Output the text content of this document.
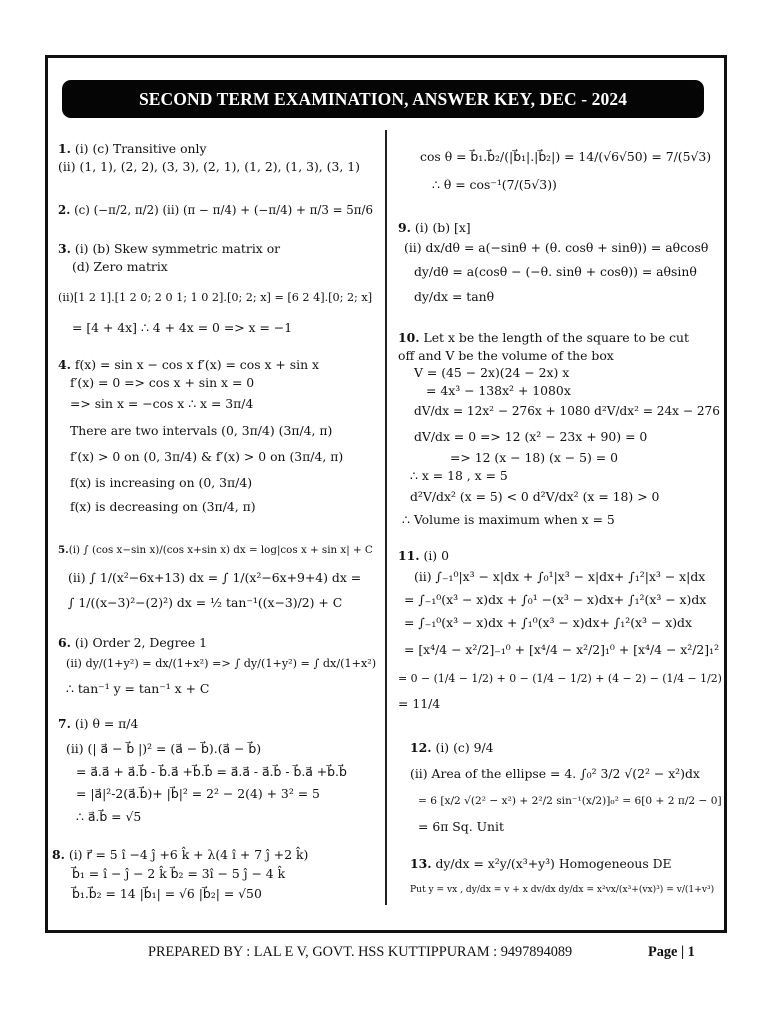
SECOND TERM EXAMINATION, ANSWER KEY, DEC - 2024
1. (i) (c) Transitive only
(ii) (1, 1), (2, 2), (3, 3), (2, 1), (1, 2), (1, 3), (3, 1)
2. (c) (−π/2, π/2) (ii) (π − π/4) + (−π/4) + π/3 = 5π/6
3. (i) (b) Skew symmetric matrix or
(d) Zero matrix
(ii)[1 2 1].[1 2 0; 2 0 1; 1 0 2].[0; 2; x] = [6 2 4].[0; 2; x]
= [4 + 4x] ∴ 4 + 4x = 0 => x = −1
4. f(x) = sin x − cos x f′(x) = cos x + sin x
f′(x) = 0 => cos x + sin x = 0
=> sin x = −cos x ∴ x = 3π/4
There are two intervals (0, 3π/4) (3π/4, π)
f′(x) > 0 on (0, 3π/4) & f′(x) > 0 on (3π/4, π)
f(x) is increasing on (0, 3π/4)
f(x) is decreasing on (3π/4, π)
5.(i) ∫ (cos x−sin x)/(cos x+sin x) dx = log|cos x + sin x| + C
(ii) ∫ 1/(x²−6x+13) dx = ∫ 1/(x²−6x+9+4) dx =
∫ 1/((x−3)²−(2)²) dx = ½ tan⁻¹((x−3)/2) + C
6. (i) Order 2, Degree 1
(ii) dy/(1+y²) = dx/(1+x²) => ∫ dy/(1+y²) = ∫ dx/(1+x²)
∴ tan⁻¹ y = tan⁻¹ x + C
7. (i) θ = π/4
(ii) (| a⃗ − b⃗ |)² = (a⃗ − b⃗).(a⃗ − b⃗)
= a⃗.a⃗ + a⃗.b⃗ - b⃗.a⃗ +b⃗.b⃗ = a⃗.a⃗ - a⃗.b⃗ - b⃗.a⃗ +b⃗.b⃗
= |a⃗|²-2(a⃗.b⃗)+ |b⃗|² = 2² − 2(4) + 3² = 5
∴ a⃗.b⃗ = √5
8. (i) r⃗ = 5 î −4 ĵ +6 k̂ + λ(4 î + 7 ĵ +2 k̂)
b⃗₁ = î − ĵ − 2 k̂ b⃗₂ = 3î − 5 ĵ − 4 k̂
b⃗₁.b⃗₂ = 14 |b⃗₁| = √6 |b⃗₂| = √50
cos θ = b⃗₁.b⃗₂/(|b⃗₁|.|b⃗₂|) = 14/(√6√50) = 7/(5√3)
∴ θ = cos⁻¹(7/(5√3))
9. (i) (b) [x]
(ii) dx/dθ = a(−sinθ + (θ. cosθ + sinθ)) = aθcosθ
dy/dθ = a(cosθ − (−θ. sinθ + cosθ)) = aθsinθ
dy/dx = tanθ
10. Let x be the length of the square to be cut
off and V be the volume of the box
V = (45 − 2x)(24 − 2x) x
= 4x³ − 138x² + 1080x
dV/dx = 12x² − 276x + 1080 d²V/dx² = 24x − 276
dV/dx = 0 => 12 (x² − 23x + 90) = 0
=> 12 (x − 18) (x − 5) = 0
∴ x = 18 , x = 5
d²V/dx² (x = 5) < 0 d²V/dx² (x = 18) > 0
∴ Volume is maximum when x = 5
11. (i) 0
(ii) ∫₋₁⁰|x³ − x|dx + ∫₀¹|x³ − x|dx+ ∫₁²|x³ − x|dx
= ∫₋₁⁰(x³ − x)dx + ∫₀¹ −(x³ − x)dx+ ∫₁²(x³ − x)dx
= ∫₋₁⁰(x³ − x)dx + ∫₁⁰(x³ − x)dx+ ∫₁²(x³ − x)dx
= [x⁴/4 − x²/2]₋₁⁰ + [x⁴/4 − x²/2]₁⁰ + [x⁴/4 − x²/2]₁²
= 0 − (1/4 − 1/2) + 0 − (1/4 − 1/2) + (4 − 2) − (1/4 − 1/2)
= 11/4
12. (i) (c) 9/4
(ii) Area of the ellipse = 4. ∫₀² 3/2 √(2² − x²)dx
= 6 [x/2 √(2² − x²) + 2²/2 sin⁻¹(x/2)]₀² = 6[0 + 2 π/2 − 0]
= 6π Sq. Unit
13. dy/dx = x²y/(x³+y³) Homogeneous DE
Put y = vx , dy/dx = v + x dv/dx dy/dx = x²vx/(x³+(vx)³) = v/(1+v³)
PREPARED BY : LAL E V, GOVT. HSS KUTTIPPURAM : 9497894089	Page | 1
